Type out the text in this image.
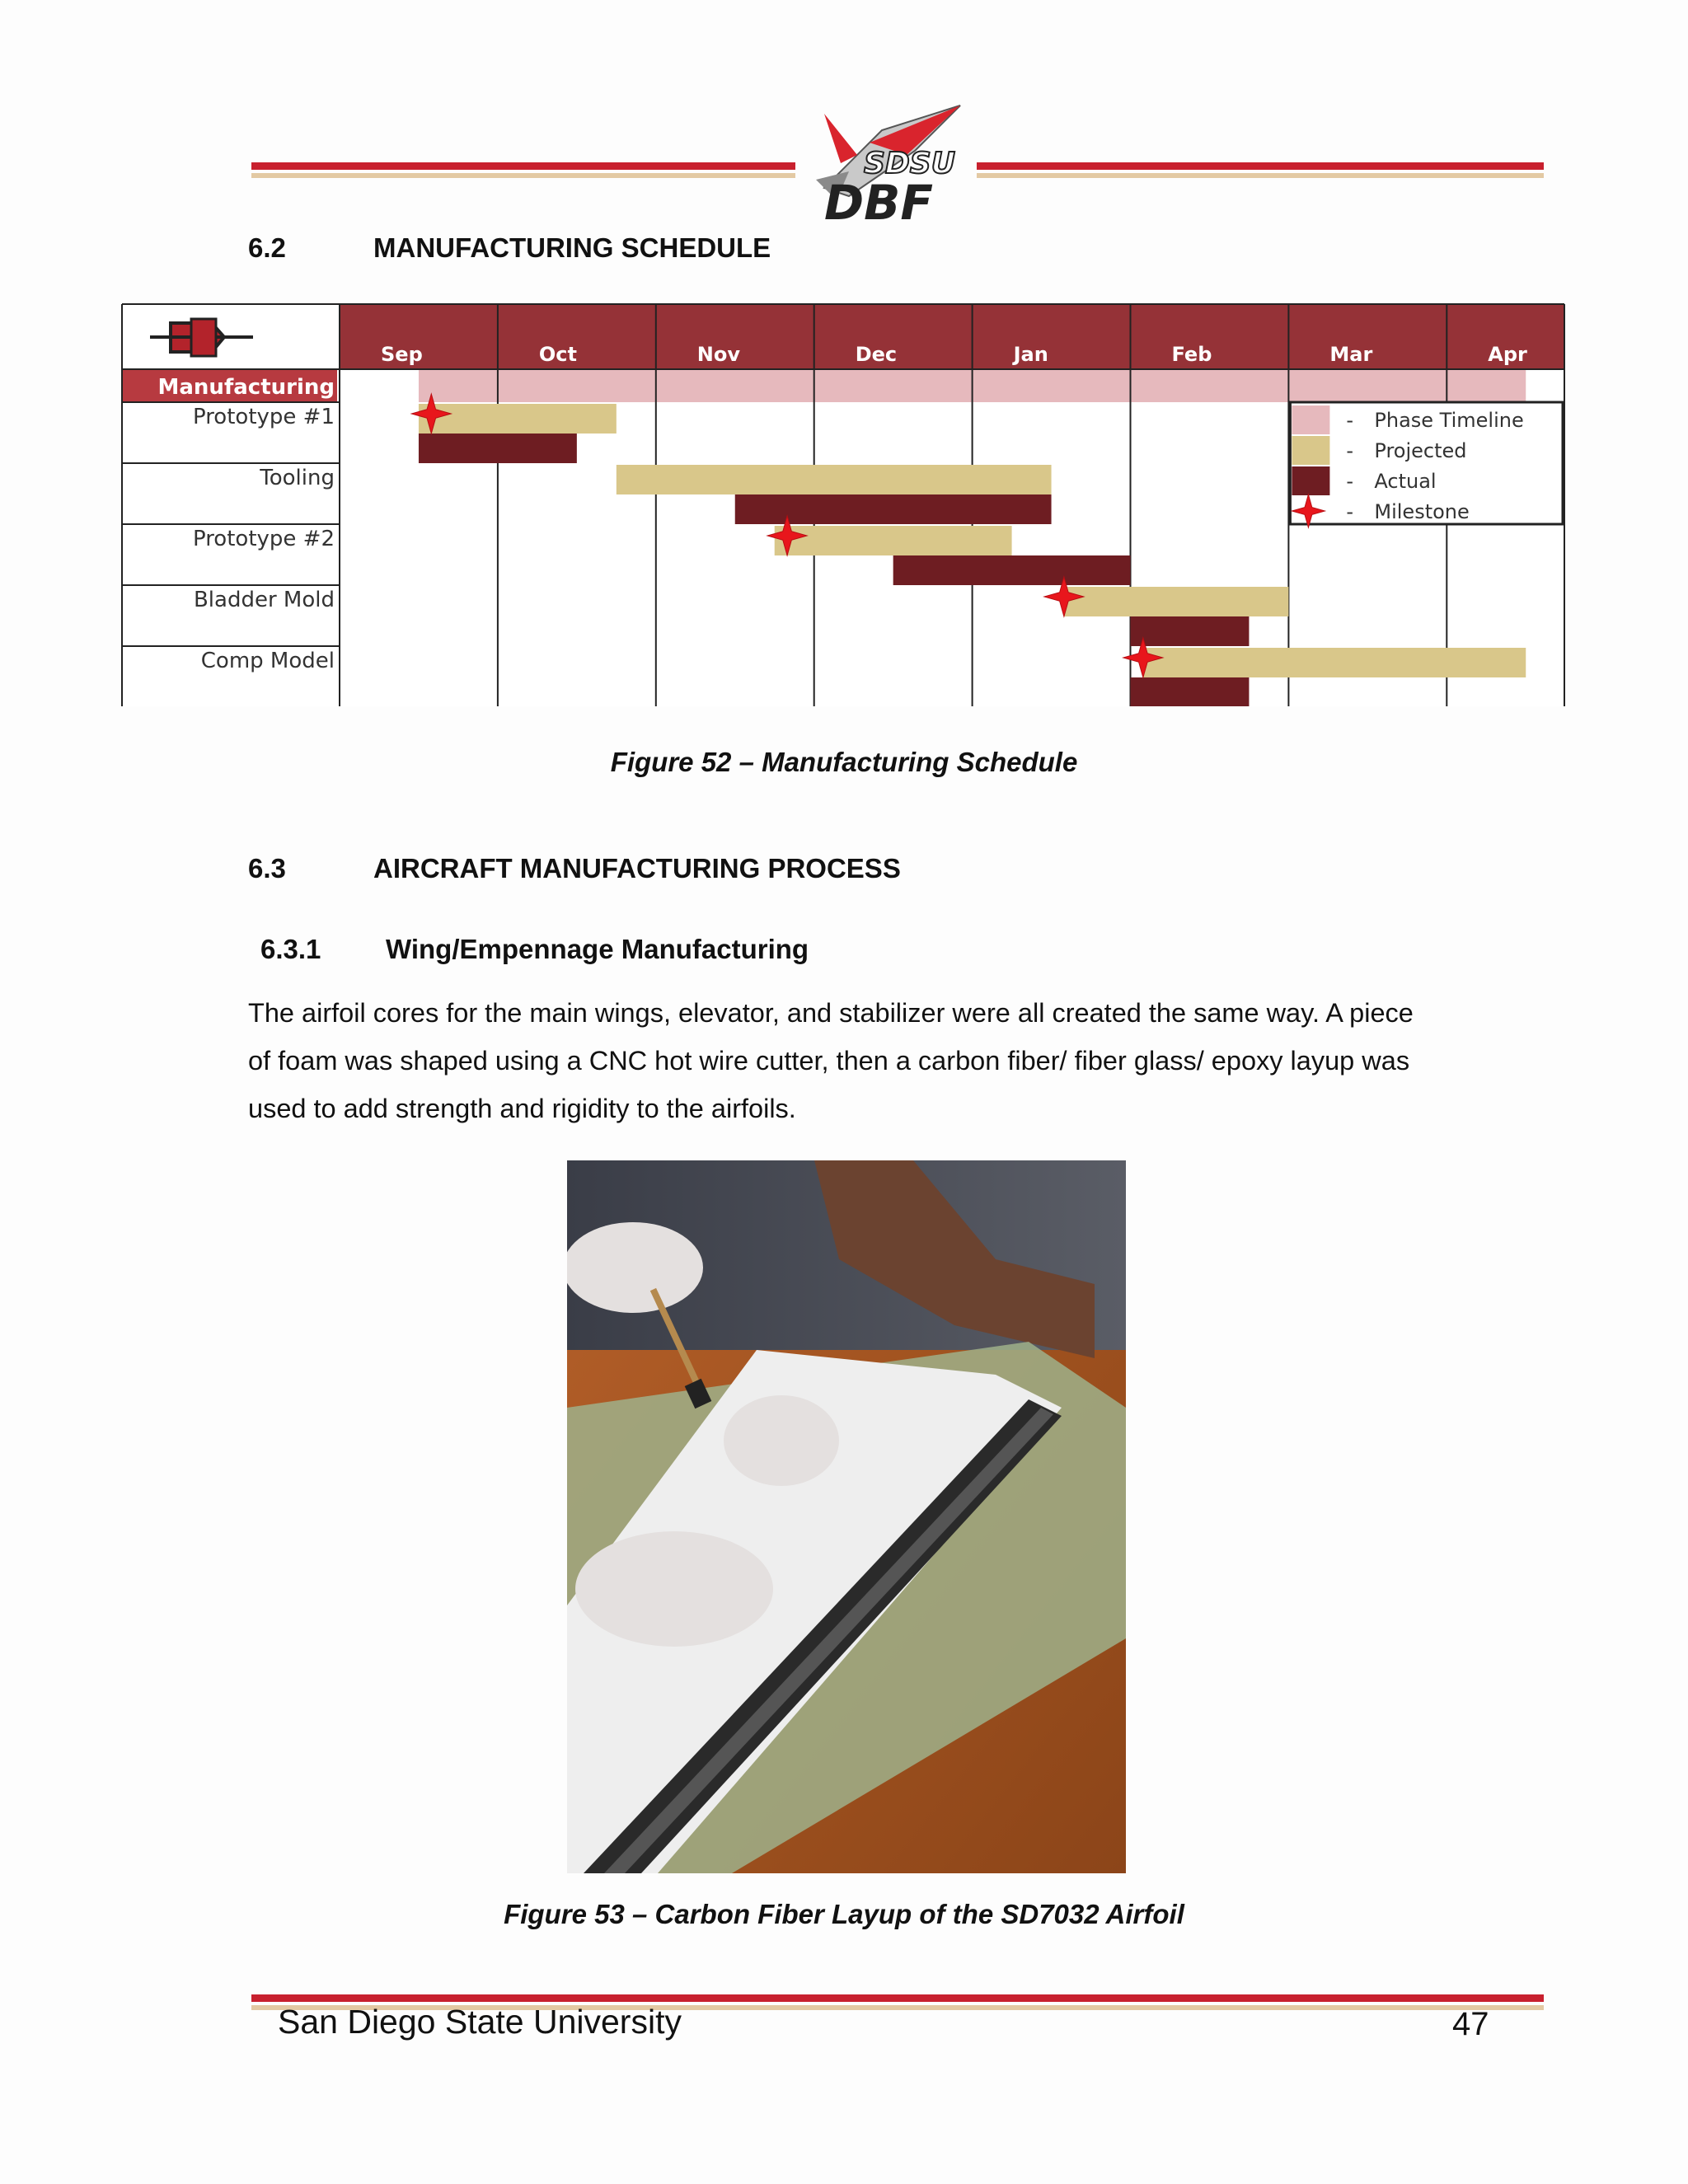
SDSU
DBF
6.2	MANUFACTURING SCHEDULE
Sep	Oct	Nov	Dec	Jan	Feb	Mar	Apr
Manufacturing
Prototype #1
Tooling
Prototype #2
Bladder Mold
Comp Model
- Phase Timeline
- Projected
- Actual
- Milestone
Figure 52 – Manufacturing Schedule
6.3	AIRCRAFT MANUFACTURING PROCESS
6.3.1 Wing/Empennage Manufacturing
The airfoil cores for the main wings, elevator, and stabilizer were all created the same way. A piece
of foam was shaped using a CNC hot wire cutter, then a carbon fiber/ fiber glass/ epoxy layup was
used to add strength and rigidity to the airfoils.
Figure 53 – Carbon Fiber Layup of the SD7032 Airfoil
San Diego State University	47
